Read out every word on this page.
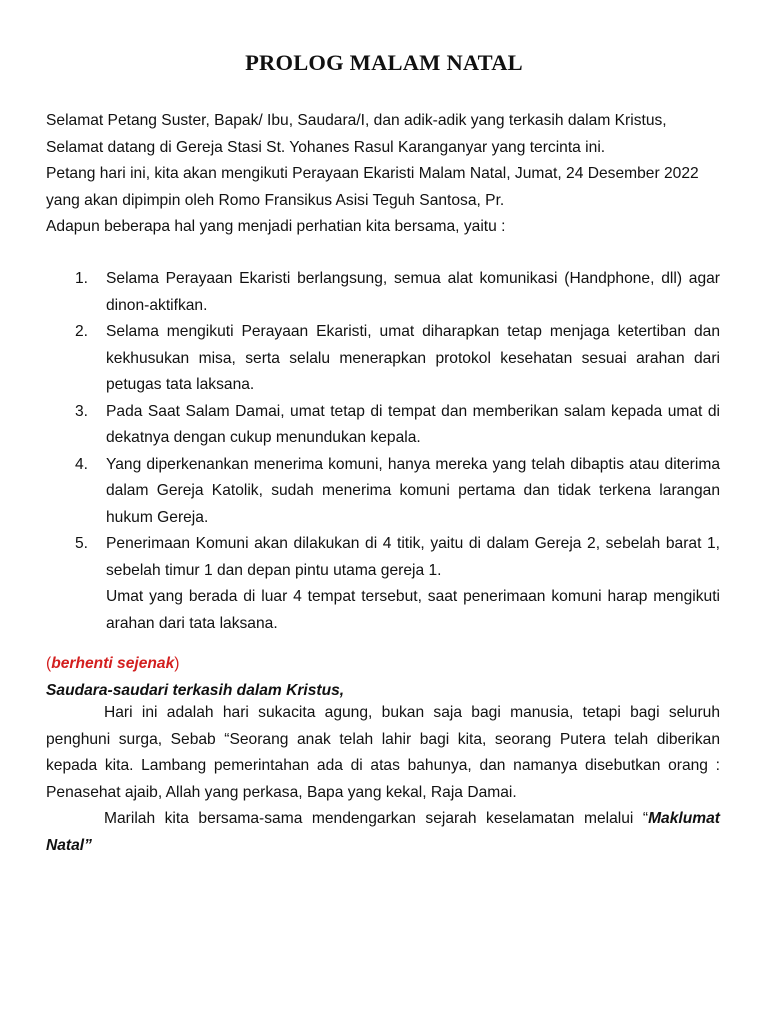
PROLOG MALAM NATAL
Selamat Petang Suster, Bapak/ Ibu, Saudara/I, dan adik-adik yang terkasih dalam Kristus,
Selamat datang di Gereja Stasi St. Yohanes Rasul Karanganyar yang tercinta ini.
Petang hari ini, kita akan mengikuti Perayaan Ekaristi Malam Natal, Jumat, 24 Desember 2022
yang akan dipimpin oleh Romo Fransikus Asisi Teguh Santosa, Pr.
Adapun beberapa hal yang menjadi perhatian kita bersama, yaitu :
1. Selama Perayaan Ekaristi berlangsung, semua alat komunikasi (Handphone, dll) agar dinon-aktifkan.
2. Selama mengikuti Perayaan Ekaristi, umat diharapkan tetap menjaga ketertiban dan kekhusukan misa, serta selalu menerapkan protokol kesehatan sesuai arahan dari petugas tata laksana.
3. Pada Saat Salam Damai, umat tetap di tempat dan memberikan salam kepada umat di dekatnya dengan cukup menundukan kepala.
4. Yang diperkenankan menerima komuni, hanya mereka yang telah dibaptis atau diterima dalam Gereja Katolik, sudah menerima komuni pertama dan tidak terkena larangan hukum Gereja.
5. Penerimaan Komuni akan dilakukan di 4 titik, yaitu di dalam Gereja 2, sebelah barat 1, sebelah timur 1 dan depan pintu utama gereja 1.
Umat yang berada di luar 4 tempat tersebut, saat penerimaan komuni harap mengikuti arahan dari tata laksana.

(berhenti sejenak)

Saudara-saudari terkasih dalam Kristus,

Hari ini adalah hari sukacita agung, bukan saja bagi manusia, tetapi bagi seluruh penghuni surga, Sebab “Seorang anak telah lahir bagi kita, seorang Putera telah diberikan kepada kita. Lambang pemerintahan ada di atas bahunya, dan namanya disebutkan orang : Penasehat ajaib, Allah yang perkasa, Bapa yang kekal, Raja Damai.

Marilah kita bersama-sama mendengarkan sejarah keselamatan melalui “Maklumat Natal”
